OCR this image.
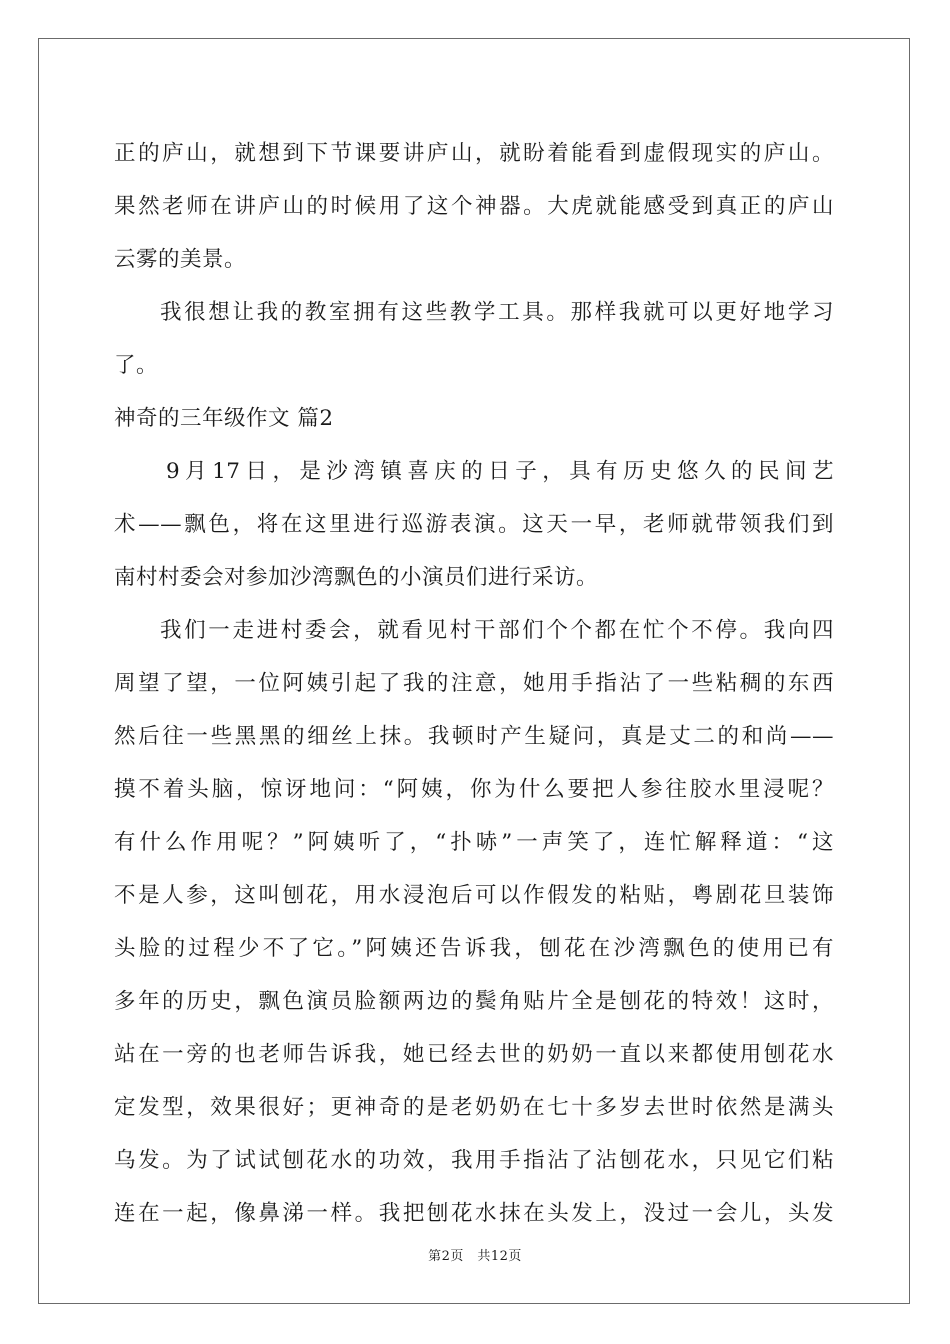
正的庐山，就想到下节课要讲庐山，就盼着能看到虚假现实的庐山。
果然老师在讲庐山的时候用了这个神器。大虎就能感受到真正的庐山
云雾的美景。
我很想让我的教室拥有这些教学工具。那样我就可以更好地学习
了。
神奇的三年级作文 篇2
9月17日，是沙湾镇喜庆的日子，具有历史悠久的民间艺
术——飘色，将在这里进行巡游表演。这天一早，老师就带领我们到
南村村委会对参加沙湾飘色的小演员们进行采访。
我们一走进村委会，就看见村干部们个个都在忙个不停。我向四
周望了望，一位阿姨引起了我的注意，她用手指沾了一些粘稠的东西
然后往一些黑黑的细丝上抹。我顿时产生疑问，真是丈二的和尚——
摸不着头脑，惊讶地问：“阿姨，你为什么要把人参往胶水里浸呢？
有什么作用呢？”阿姨听了，“扑哧”一声笑了，连忙解释道：“这
不是人参，这叫刨花，用水浸泡后可以作假发的粘贴，粤剧花旦装饰
头脸的过程少不了它。”阿姨还告诉我，刨花在沙湾飘色的使用已有
多年的历史，飘色演员脸额两边的鬓角贴片全是刨花的特效！这时，
站在一旁的也老师告诉我，她已经去世的奶奶一直以来都使用刨花水
定发型，效果很好；更神奇的是老奶奶在七十多岁去世时依然是满头
乌发。为了试试刨花水的功效，我用手指沾了沾刨花水，只见它们粘
连在一起，像鼻涕一样。我把刨花水抹在头发上，没过一会儿，头发
第2页　共12页
